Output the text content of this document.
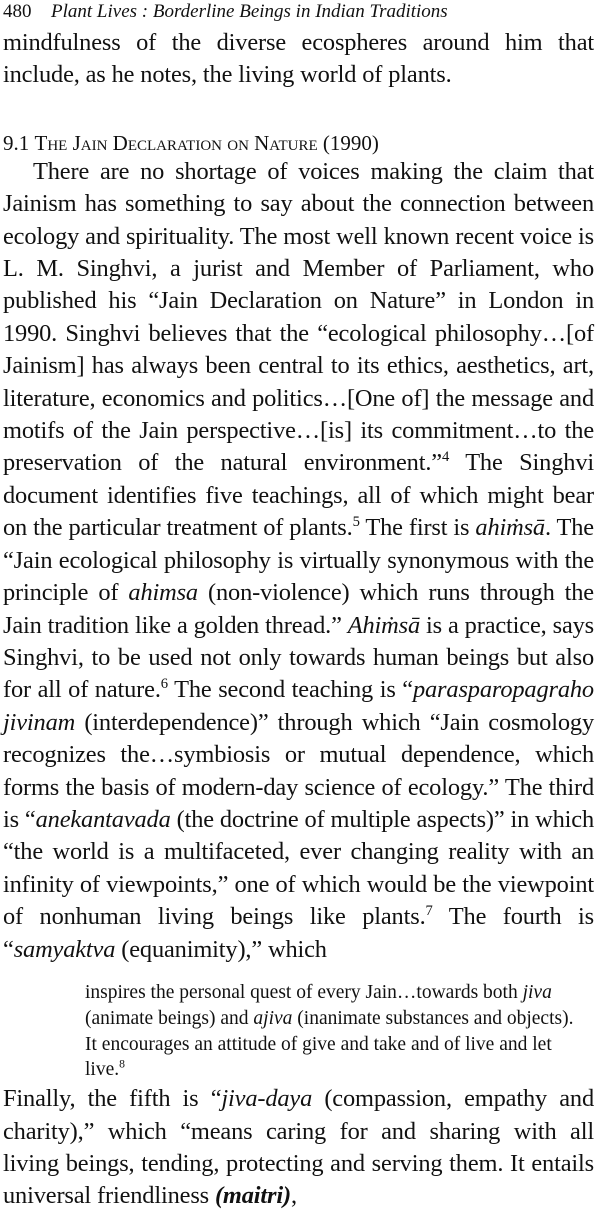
480	Plant Lives : Borderline Beings in Indian Traditions

mindfulness of the diverse ecospheres around him that include, as he notes, the living world of plants.

9.1 The Jain Declaration on Nature (1990)

There are no shortage of voices making the claim that Jainism has something to say about the connection between ecology and spirituality. The most well known recent voice is L. M. Singhvi, a jurist and Member of Parliament, who published his “Jain Declaration on Nature” in London in 1990. Singhvi believes that the “ecological philosophy…[of Jainism] has always been central to its ethics, aesthetics, art, literature, economics and politics…[One of] the message and motifs of the Jain perspective…[is] its commitment…to the preservation of the natural environment.”$^4$ The Singhvi document identifies five teachings, all of which might bear on the particular treatment of plants.$^5$ The first is ahiṁsā. The “Jain ecological philosophy is virtually synonymous with the principle of ahimsa (non-violence) which runs through the Jain tradition like a golden thread.” Ahiṁsā is a practice, says Singhvi, to be used not only towards human beings but also for all of nature.$^6$ The second teaching is “parasparopagraho jivinam (interdependence)” through which “Jain cosmology recognizes the…symbiosis or mutual dependence, which forms the basis of modern-day science of ecology.” The third is “anekantavada (the doctrine of multiple aspects)” in which “the world is a multifaceted, ever changing reality with an infinity of viewpoints,” one of which would be the viewpoint of nonhuman living beings like plants.$^7$ The fourth is “samyaktva (equanimity),” which

inspires the personal quest of every Jain…towards both jiva (animate beings) and ajiva (inanimate substances and objects). It encourages an attitude of give and take and of live and let live.$^8$

Finally, the fifth is “jiva-daya (compassion, empathy and charity),” which “means caring for and sharing with all living beings, tending, protecting and serving them. It entails universal friendliness (maitri),
